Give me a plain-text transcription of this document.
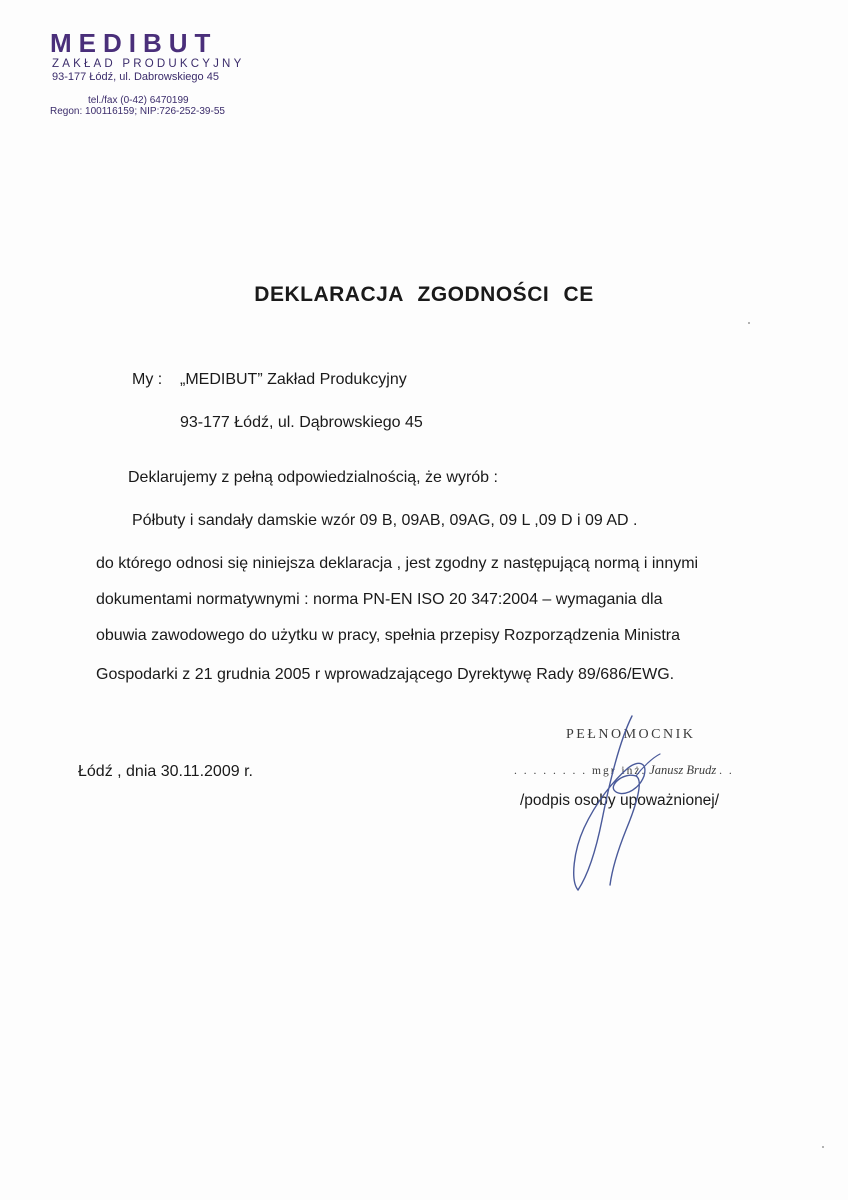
MEDIBUT
ZAKŁAD PRODUKCYJNY
93-177 Łódź, ul. Dabrowskiego 45
tel./fax (0-42) 6470199
Regon: 100116159; NIP:726-252-39-55
DEKLARACJA ZGODNOŚCI CE
My : „MEDIBUT” Zakład Produkcyjny
93-177 Łódź, ul. Dąbrowskiego 45
Deklarujemy z pełną odpowiedzialnością, że wyrób :
Półbuty i sandały damskie wzór 09 B, 09AB, 09AG, 09 L ,09 D i 09 AD .
do którego odnosi się niniejsza deklaracja , jest zgodny z następującą normą i innymi
dokumentami normatywnymi : norma PN-EN ISO 20 347:2004 – wymagania dla
obuwia zawodowego do użytku w pracy, spełnia przepisy Rozporządzenia Ministra
Gospodarki z 21 grudnia 2005 r wprowadzającego Dyrektywę Rady 89/686/EWG.
Łódź , dnia 30.11.2009 r.
PEŁNOMOCNIK
. . . . . . . . mgr inż. Janusz Brudz . .
/podpis osoby upoważnionej/
